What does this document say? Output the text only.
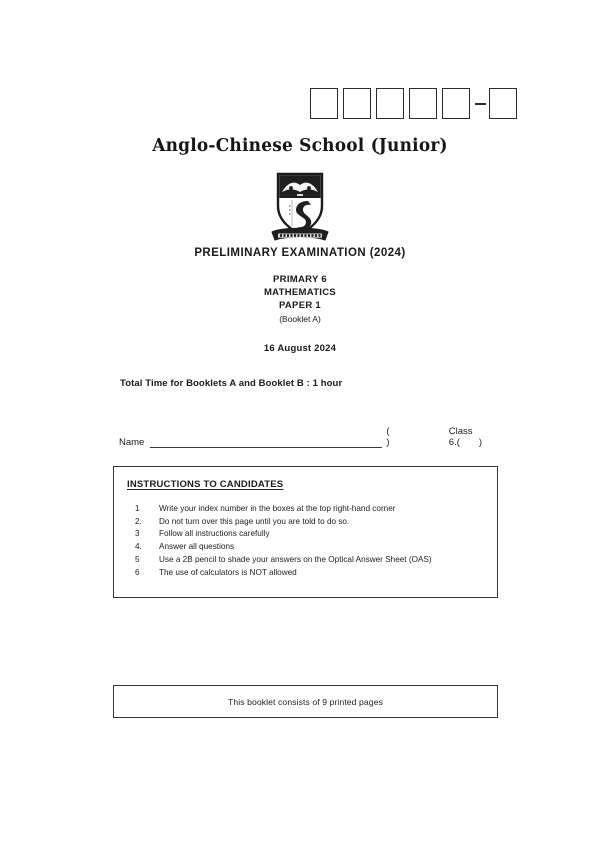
Anglo-Chinese School (Junior)
PRELIMINARY EXAMINATION (2024)
PRIMARY 6
MATHEMATICS
PAPER 1
(Booklet A)
16 August 2024
Total Time for Booklets A and Booklet B : 1 hour
Name
( )
Class 6.(	)
INSTRUCTIONS TO CANDIDATES
1	Write your index number in the boxes at the top right-hand corner
2.	Do not turn over this page until you are told to do so.
3	Follow all instructions carefully
4.	Answer all questions
5	Use a 2B pencil to shade your answers on the Optical Answer Sheet (OAS)
6	The use of calculators is NOT allowed
This booklet consists of 9 printed pages
